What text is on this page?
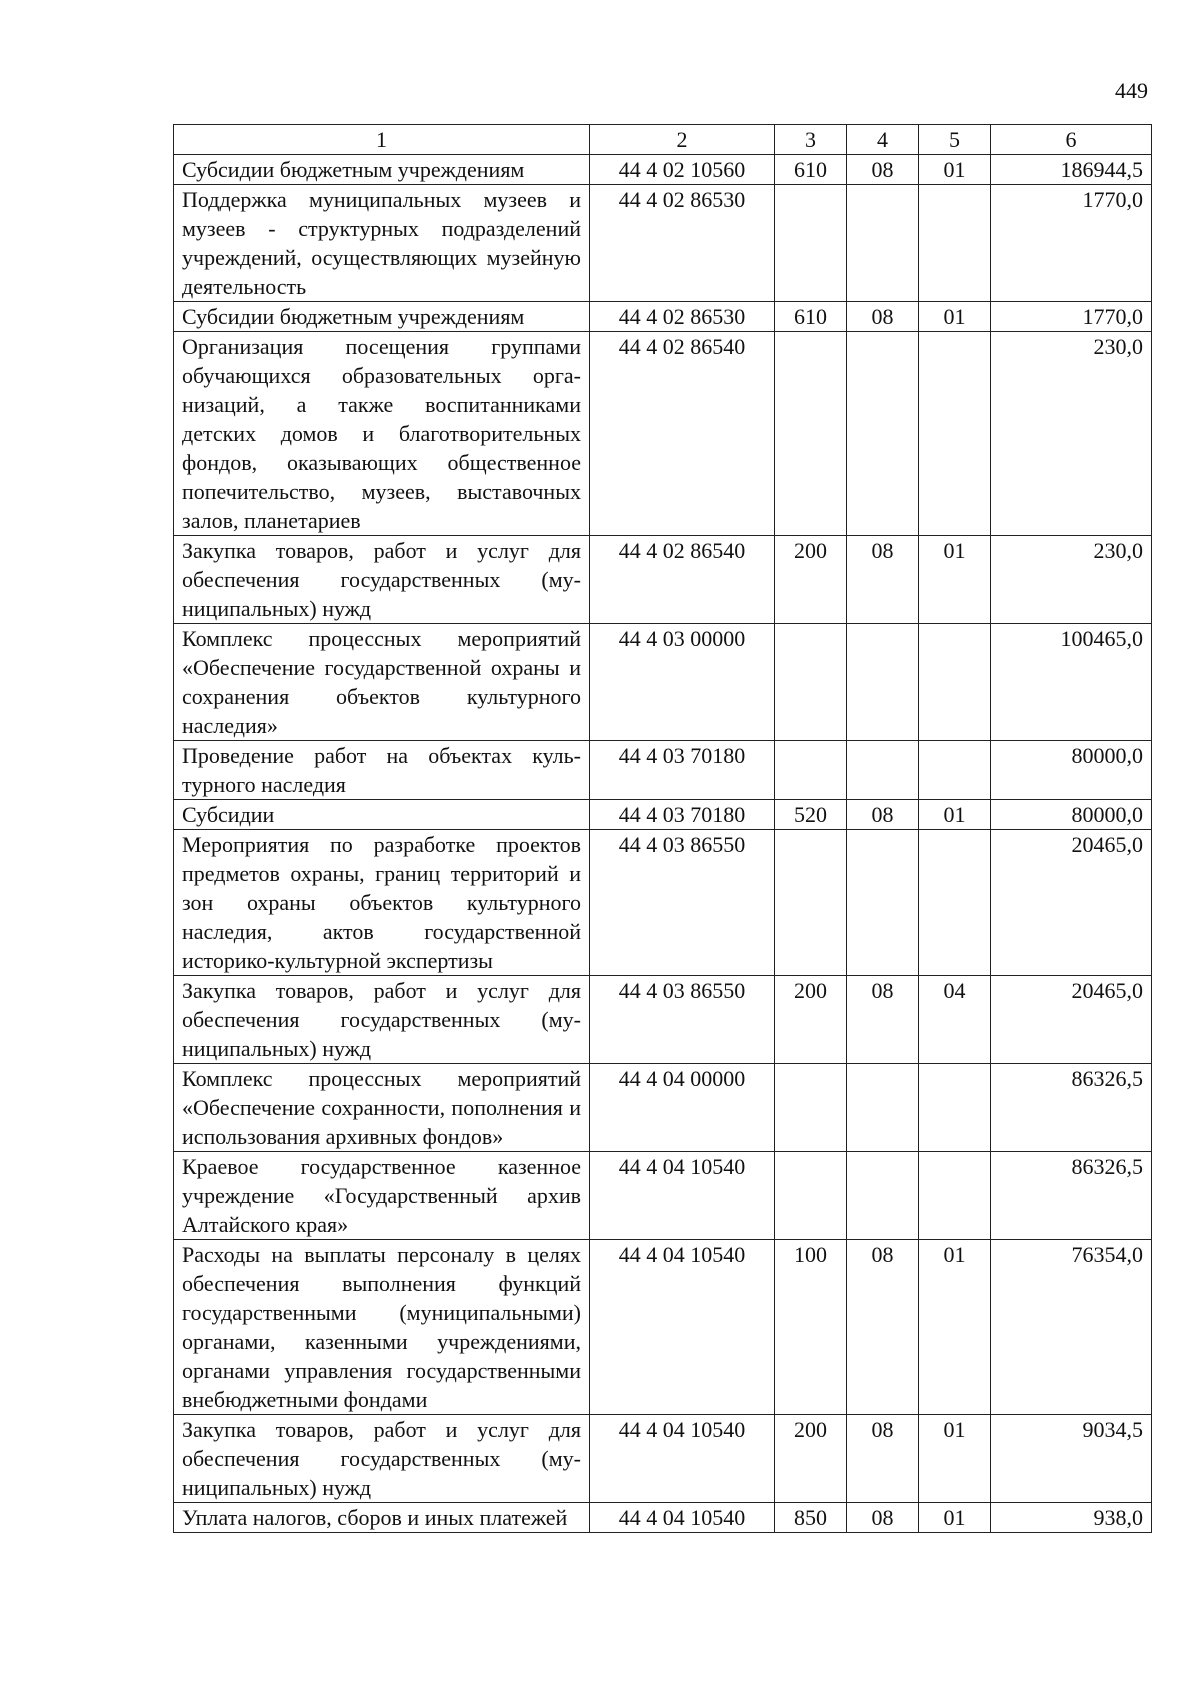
449
1	2	3	4	5	6
Субсидии бюджетным учреждениям	44 4 02 10560	610	08	01	186944,5
Поддержка муниципальных музеев и музеев - структурных подразделений учреждений, осуществляющих музейную деятельность	44 4 02 86530				1770,0
Субсидии бюджетным учреждениям	44 4 02 86530	610	08	01	1770,0
Организация посещения группами обучающихся образовательных организаций, а также воспитанниками детских домов и благотворительных фондов, оказывающих общественное попечительство, музеев, выставочных залов, планетариев	44 4 02 86540				230,0
Закупка товаров, работ и услуг для обеспечения государственных (муниципальных) нужд	44 4 02 86540	200	08	01	230,0
Комплекс процессных мероприятий «Обеспечение государственной охраны и сохранения объектов культурного наследия»	44 4 03 00000				100465,0
Проведение работ на объектах культурного наследия	44 4 03 70180				80000,0
Субсидии	44 4 03 70180	520	08	01	80000,0
Мероприятия по разработке проектов предметов охраны, границ территорий и зон охраны объектов культурного наследия, актов государственной историко-культурной экспертизы	44 4 03 86550				20465,0
Закупка товаров, работ и услуг для обеспечения государственных (муниципальных) нужд	44 4 03 86550	200	08	04	20465,0
Комплекс процессных мероприятий «Обеспечение сохранности, пополнения и использования архивных фондов»	44 4 04 00000				86326,5
Краевое государственное казенное учреждение «Государственный архив Алтайского края»	44 4 04 10540				86326,5
Расходы на выплаты персоналу в целях обеспечения выполнения функций государственными (муниципальными) органами, казенными учреждениями, органами управления государственными внебюджетными фондами	44 4 04 10540	100	08	01	76354,0
Закупка товаров, работ и услуг для обеспечения государственных (муниципальных) нужд	44 4 04 10540	200	08	01	9034,5
Уплата налогов, сборов и иных платежей	44 4 04 10540	850	08	01	938,0
